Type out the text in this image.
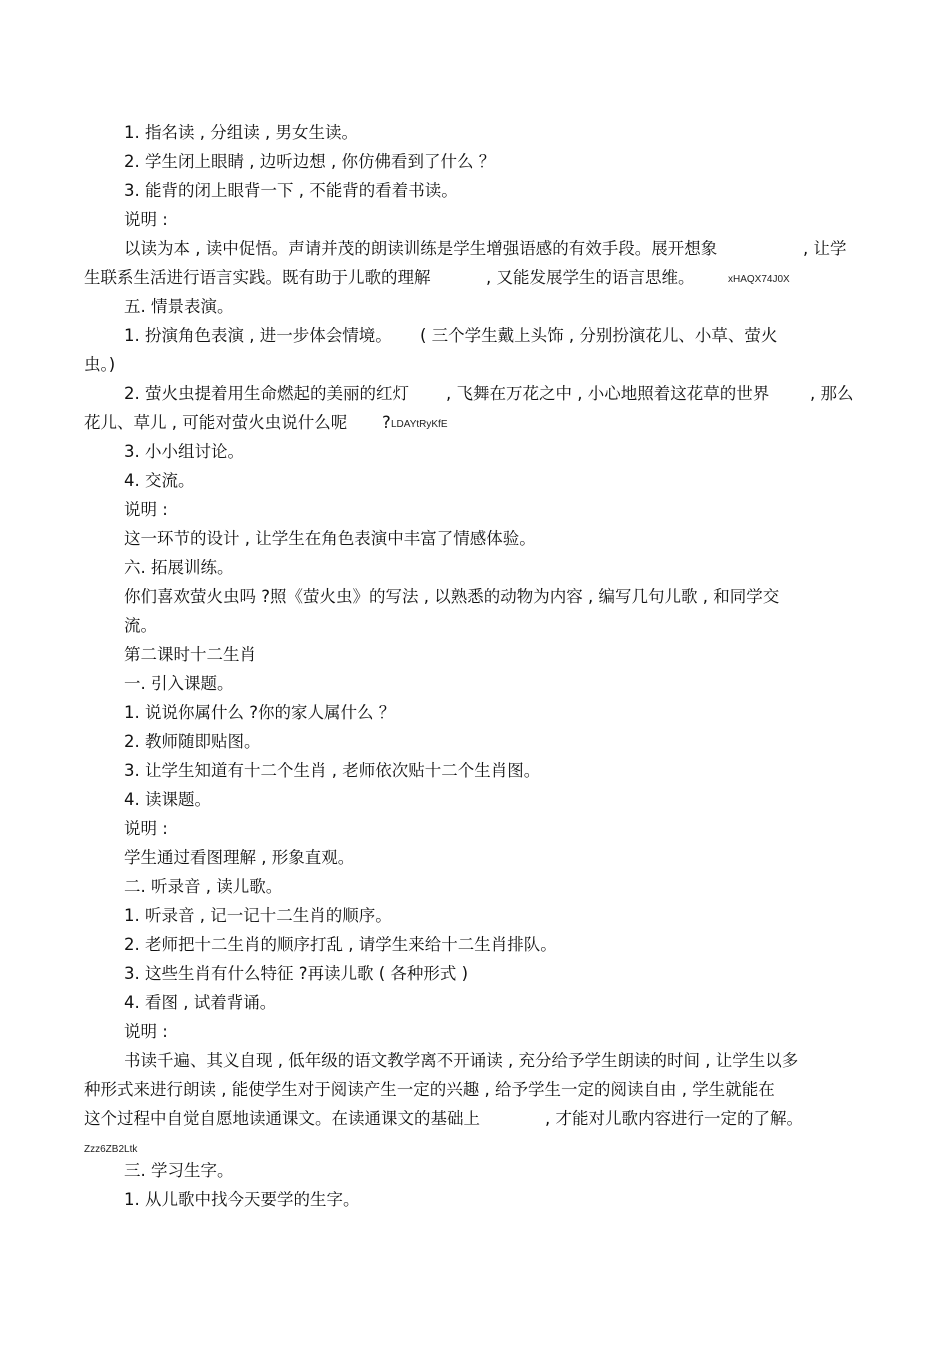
1. 指名读 , 分组读 , 男女生读。
2. 学生闭上眼睛 , 边听边想 , 你仿佛看到了什么 ？
3. 能背的闭上眼背一下 , 不能背的看着书读。
说明 :
以读为本 , 读中促悟。声请并茂的朗读训练是学生增强语感的有效手段。展开想象	, 让学
生联系生活进行语言实践。既有助于儿歌的理解	, 又能发展学生的语言思维。	xHAQX74J0X
五. 情景表演。
1. 扮演角色表演 , 进一步体会情境。 ( 三个学生戴上头饰 , 分别扮演花儿、小草、萤火
虫。)
2. 萤火虫提着用生命燃起的美丽的红灯 , 飞舞在万花之中 , 小心地照着这花草的世界 , 那么
花儿、草儿 , 可能对萤火虫说什么呢 ? LDAYtRyKfE
3. 小小组讨论。
4. 交流。
说明 :
这一环节的设计 , 让学生在角色表演中丰富了情感体验。
六. 拓展训练。
你们喜欢萤火虫吗 ?照《萤火虫》的写法 , 以熟悉的动物为内容 , 编写几句儿歌 , 和同学交
流。
第二课时十二生肖
一. 引入课题。
1. 说说你属什么 ?你的家人属什么 ？
2. 教师随即贴图。
3. 让学生知道有十二个生肖 , 老师依次贴十二个生肖图。
4. 读课题。
说明 :
学生通过看图理解 , 形象直观。
二. 听录音 , 读儿歌。
1. 听录音 , 记一记十二生肖的顺序。
2. 老师把十二生肖的顺序打乱 , 请学生来给十二生肖排队。
3. 这些生肖有什么特征 ?再读儿歌 ( 各种形式 )
4. 看图 , 试着背诵。
说明 :
书读千遍、其义自现 , 低年级的语文教学离不开诵读 , 充分给予学生朗读的时间 , 让学生以多
种形式来进行朗读 , 能使学生对于阅读产生一定的兴趣 , 给予学生一定的阅读自由 , 学生就能在
这个过程中自觉自愿地读通课文。在读通课文的基础上	, 才能对儿歌内容进行一定的了解。
Zzz6ZB2Ltk
三. 学习生字。
1. 从儿歌中找今天要学的生字。
